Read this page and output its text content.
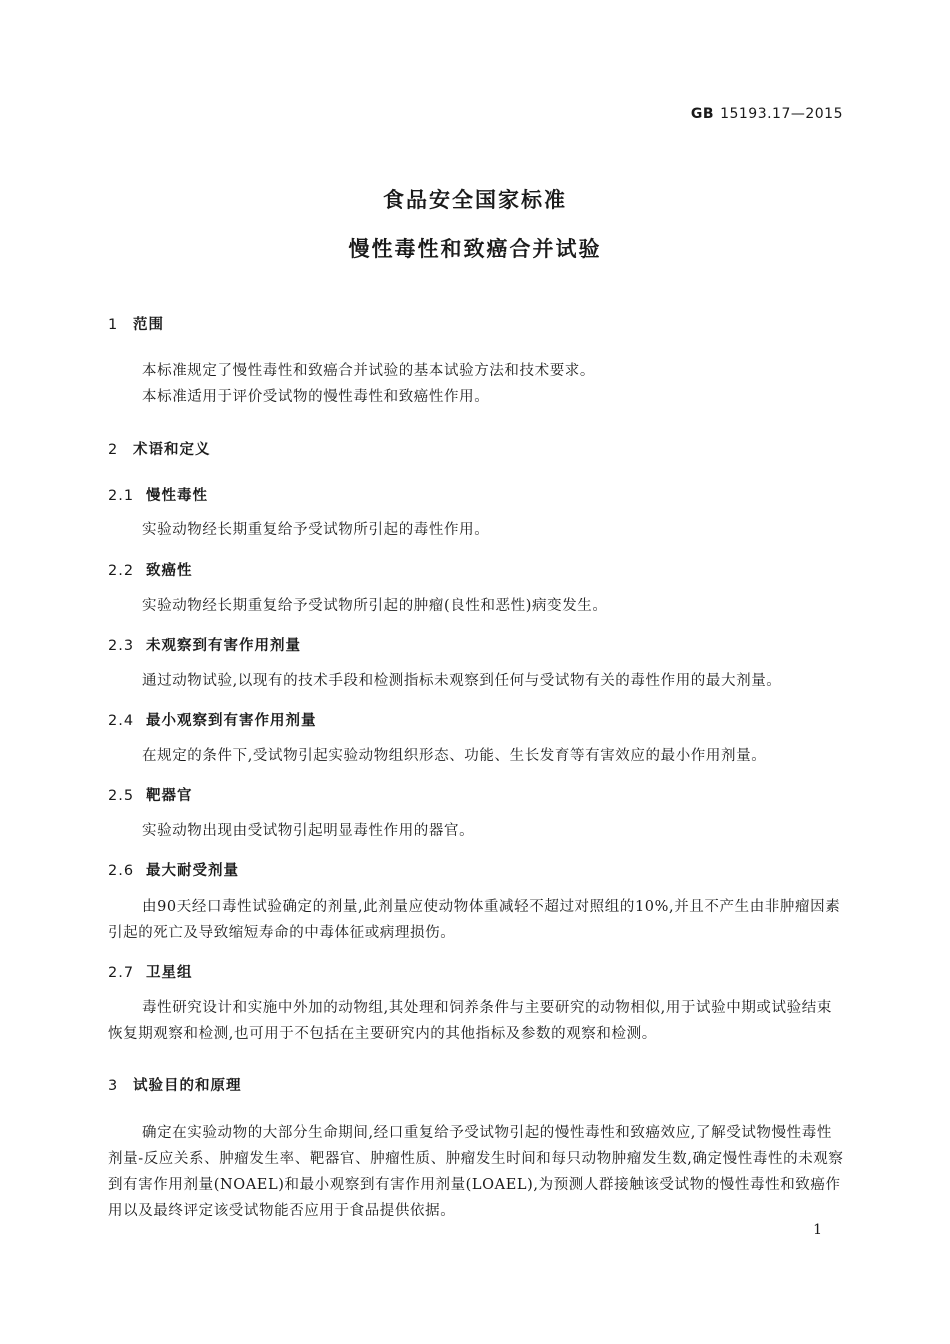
GB 15193.17—2015
食品安全国家标准
慢性毒性和致癌合并试验
1 范围
本标准规定了慢性毒性和致癌合并试验的基本试验方法和技术要求。
本标准适用于评价受试物的慢性毒性和致癌性作用。
2 术语和定义
2.1 慢性毒性
实验动物经长期重复给予受试物所引起的毒性作用。
2.2 致癌性
实验动物经长期重复给予受试物所引起的肿瘤(良性和恶性)病变发生。
2.3 未观察到有害作用剂量
通过动物试验,以现有的技术手段和检测指标未观察到任何与受试物有关的毒性作用的最大剂量。
2.4 最小观察到有害作用剂量
在规定的条件下,受试物引起实验动物组织形态、功能、生长发育等有害效应的最小作用剂量。
2.5 靶器官
实验动物出现由受试物引起明显毒性作用的器官。
2.6 最大耐受剂量
由90天经口毒性试验确定的剂量,此剂量应使动物体重减轻不超过对照组的10%,并且不产生由非肿瘤因素引起的死亡及导致缩短寿命的中毒体征或病理损伤。
2.7 卫星组
毒性研究设计和实施中外加的动物组,其处理和饲养条件与主要研究的动物相似,用于试验中期或试验结束恢复期观察和检测,也可用于不包括在主要研究内的其他指标及参数的观察和检测。
3 试验目的和原理
确定在实验动物的大部分生命期间,经口重复给予受试物引起的慢性毒性和致癌效应,了解受试物慢性毒性剂量-反应关系、肿瘤发生率、靶器官、肿瘤性质、肿瘤发生时间和每只动物肿瘤发生数,确定慢性毒性的未观察到有害作用剂量(NOAEL)和最小观察到有害作用剂量(LOAEL),为预测人群接触该受试物的慢性毒性和致癌作用以及最终评定该受试物能否应用于食品提供依据。
1
